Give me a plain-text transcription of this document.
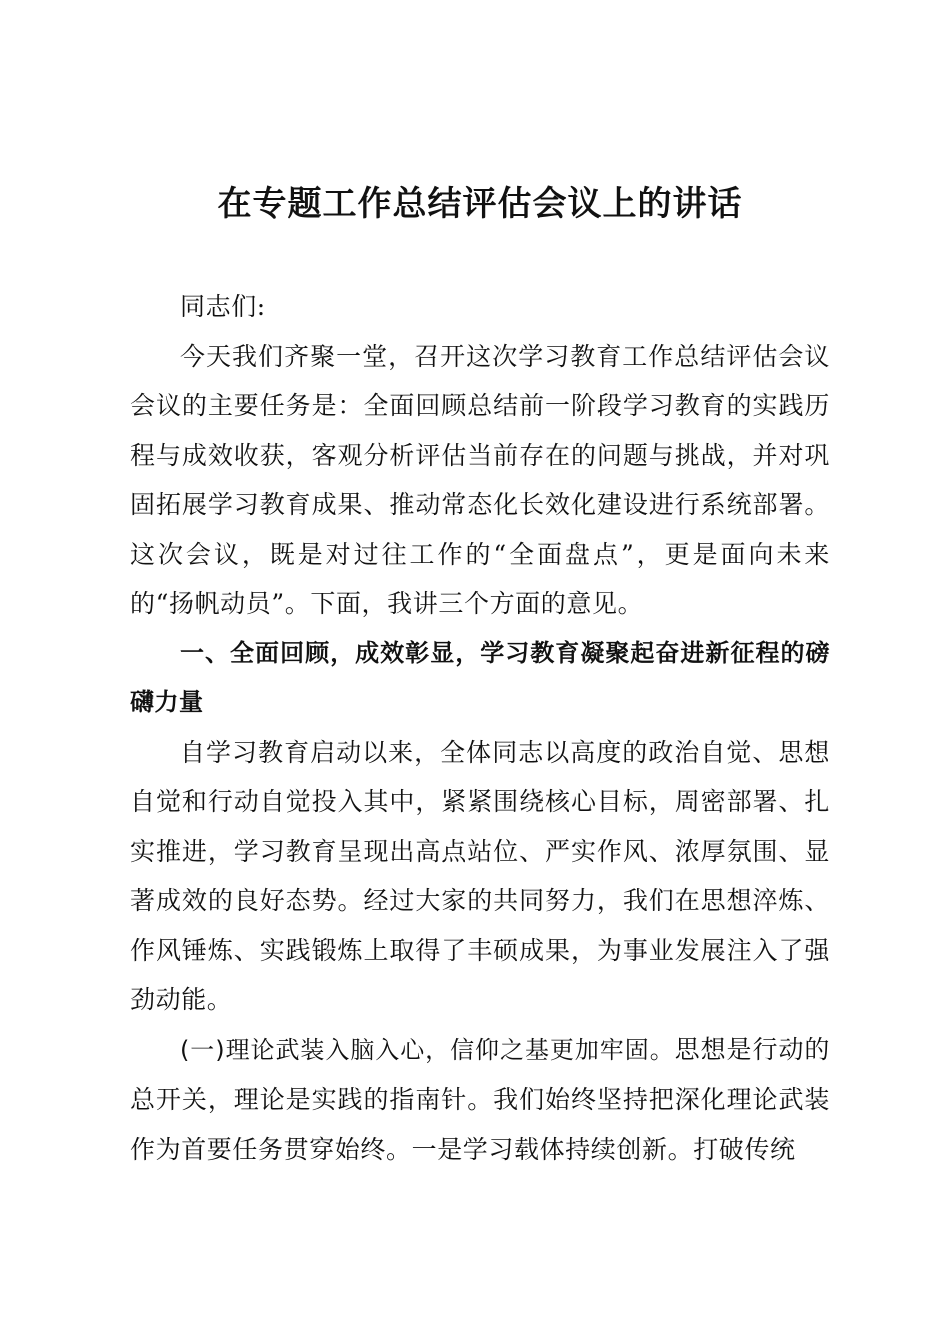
在专题工作总结评估会议上的讲话

同志们:

今天我们齐聚一堂，召开这次学习教育工作总结评估会议会议的主要任务是：全面回顾总结前一阶段学习教育的实践历程与成效收获，客观分析评估当前存在的问题与挑战，并对巩固拓展学习教育成果、推动常态化长效化建设进行系统部署。这次会议，既是对过往工作的“全面盘点”，更是面向未来的“扬帆动员”。下面，我讲三个方面的意见。

一、全面回顾，成效彰显，学习教育凝聚起奋进新征程的磅礴力量

自学习教育启动以来，全体同志以高度的政治自觉、思想自觉和行动自觉投入其中，紧紧围绕核心目标，周密部署、扎实推进，学习教育呈现出高点站位、严实作风、浓厚氛围、显著成效的良好态势。经过大家的共同努力，我们在思想淬炼、作风锤炼、实践锻炼上取得了丰硕成果，为事业发展注入了强劲动能。

(一)理论武装入脑入心，信仰之基更加牢固。思想是行动的总开关，理论是实践的指南针。我们始终坚持把深化理论武装作为首要任务贯穿始终。一是学习载体持续创新。打破传统
